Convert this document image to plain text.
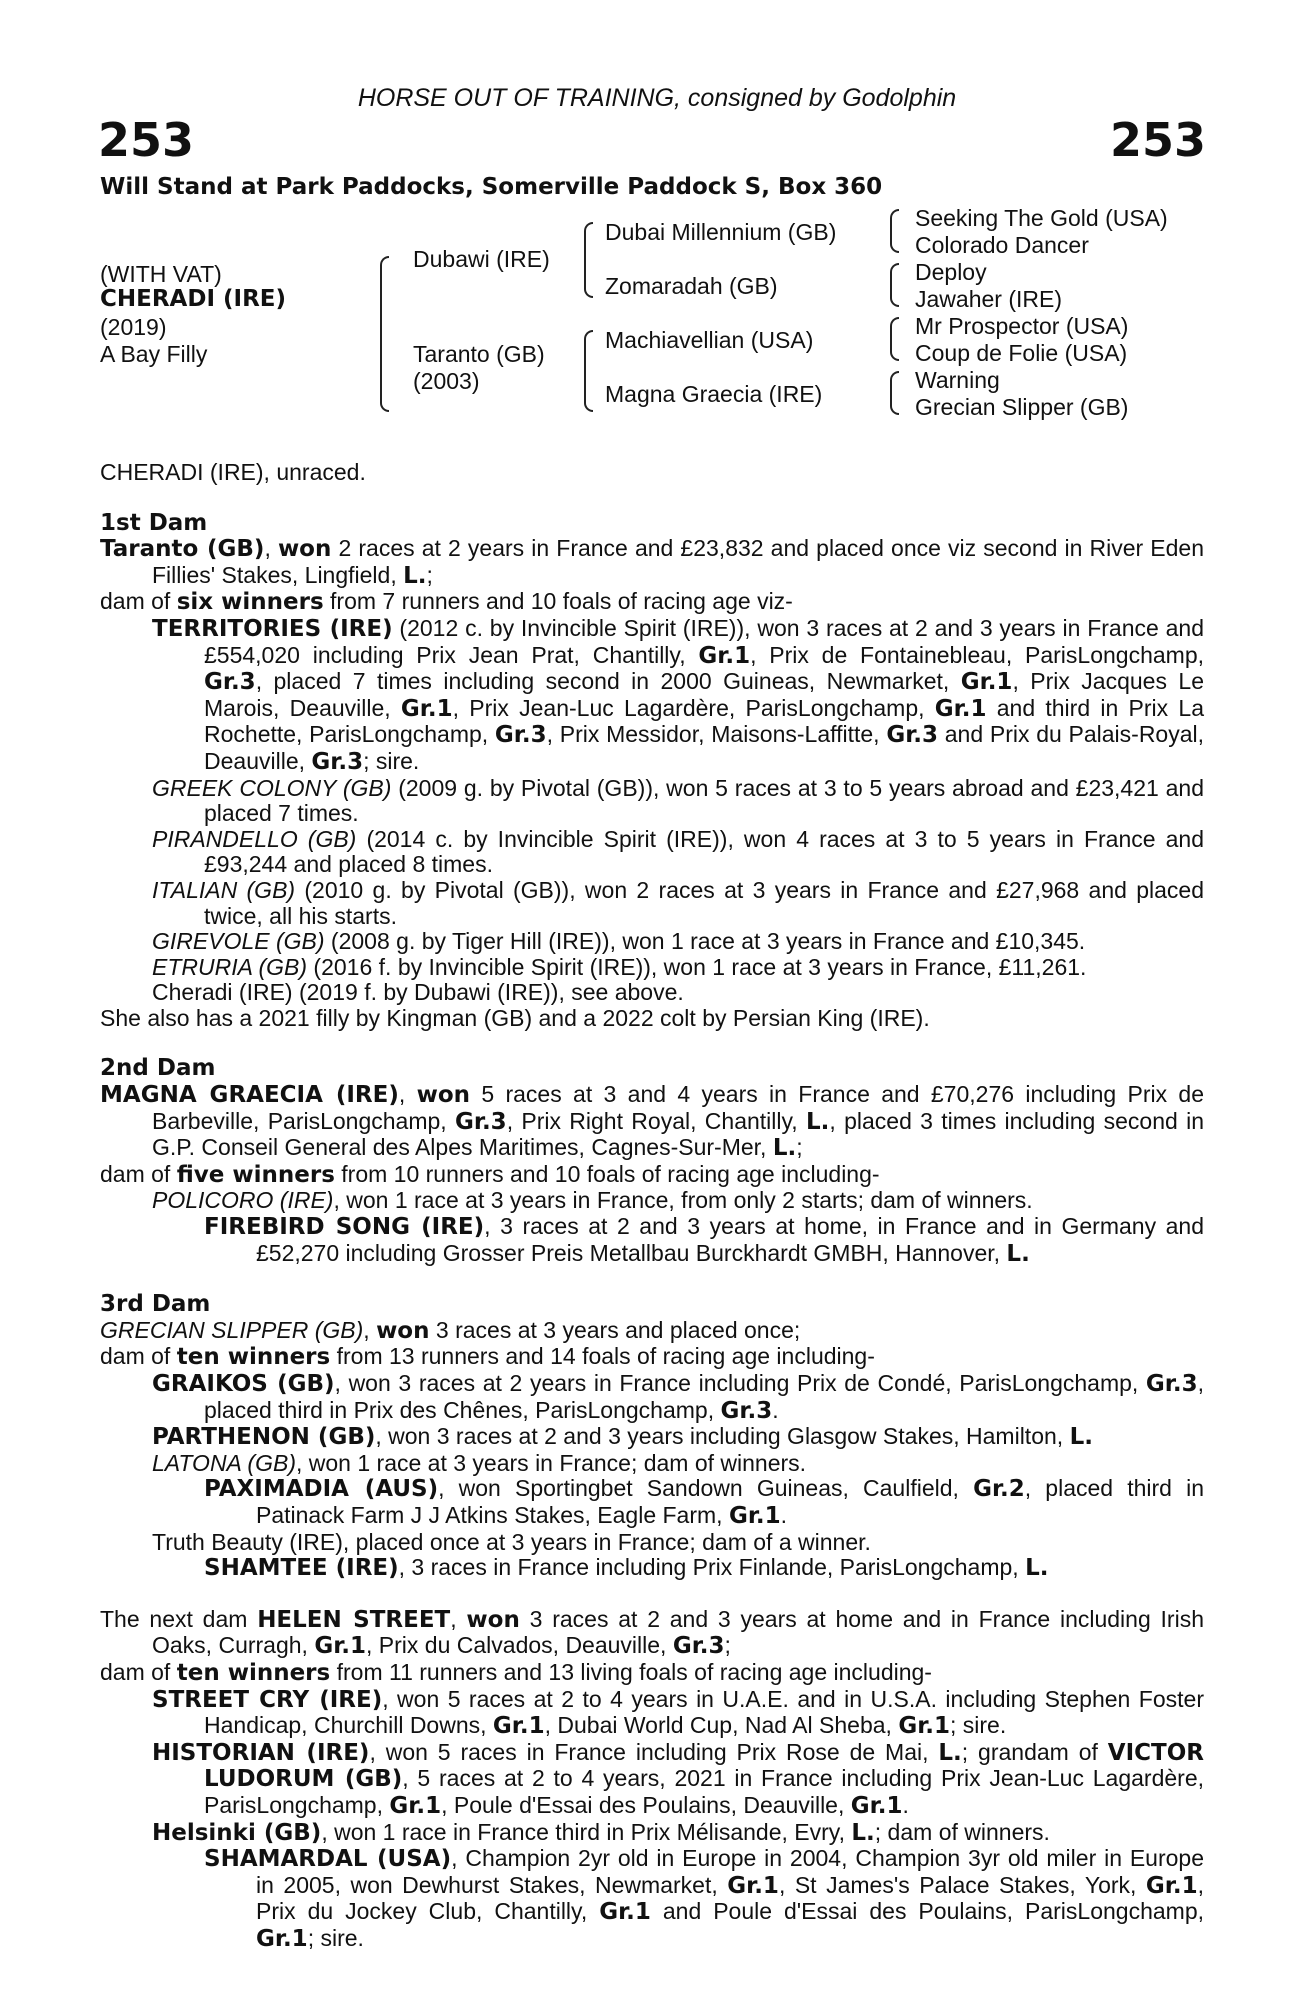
HORSE OUT OF TRAINING, consigned by Godolphin
253	253
Will Stand at Park Paddocks, Somerville Paddock S, Box 360
(WITH VAT)
CHERADI (IRE)
(2019)
A Bay Filly
Dubawi (IRE)
Taranto (GB)
(2003)
Dubai Millennium (GB)
Zomaradah (GB)
Machiavellian (USA)
Magna Graecia (IRE)
Seeking The Gold (USA)
Colorado Dancer
Deploy
Jawaher (IRE)
Mr Prospector (USA)
Coup de Folie (USA)
Warning
Grecian Slipper (GB)
CHERADI (IRE), unraced.
1st Dam
Taranto (GB), won 2 races at 2 years in France and £23,832 and placed once viz second in River Eden Fillies' Stakes, Lingfield, L.;
dam of six winners from 7 runners and 10 foals of racing age viz-
TERRITORIES (IRE) (2012 c. by Invincible Spirit (IRE)), won 3 races at 2 and 3 years in France and £554,020 including Prix Jean Prat, Chantilly, Gr.1, Prix de Fontainebleau, ParisLongchamp, Gr.3, placed 7 times including second in 2000 Guineas, Newmarket, Gr.1, Prix Jacques Le Marois, Deauville, Gr.1, Prix Jean-Luc Lagardère, ParisLongchamp, Gr.1 and third in Prix La Rochette, ParisLongchamp, Gr.3, Prix Messidor, Maisons-Laffitte, Gr.3 and Prix du Palais-Royal, Deauville, Gr.3; sire.
GREEK COLONY (GB) (2009 g. by Pivotal (GB)), won 5 races at 3 to 5 years abroad and £23,421 and placed 7 times.
PIRANDELLO (GB) (2014 c. by Invincible Spirit (IRE)), won 4 races at 3 to 5 years in France and £93,244 and placed 8 times.
ITALIAN (GB) (2010 g. by Pivotal (GB)), won 2 races at 3 years in France and £27,968 and placed twice, all his starts.
GIREVOLE (GB) (2008 g. by Tiger Hill (IRE)), won 1 race at 3 years in France and £10,345.
ETRURIA (GB) (2016 f. by Invincible Spirit (IRE)), won 1 race at 3 years in France, £11,261.
Cheradi (IRE) (2019 f. by Dubawi (IRE)), see above.
She also has a 2021 filly by Kingman (GB) and a 2022 colt by Persian King (IRE).
2nd Dam
MAGNA GRAECIA (IRE), won 5 races at 3 and 4 years in France and £70,276 including Prix de Barbeville, ParisLongchamp, Gr.3, Prix Right Royal, Chantilly, L., placed 3 times including second in G.P. Conseil General des Alpes Maritimes, Cagnes-Sur-Mer, L.;
dam of five winners from 10 runners and 10 foals of racing age including-
POLICORO (IRE), won 1 race at 3 years in France, from only 2 starts; dam of winners.
FIREBIRD SONG (IRE), 3 races at 2 and 3 years at home, in France and in Germany and £52,270 including Grosser Preis Metallbau Burckhardt GMBH, Hannover, L.
3rd Dam
GRECIAN SLIPPER (GB), won 3 races at 3 years and placed once;
dam of ten winners from 13 runners and 14 foals of racing age including-
GRAIKOS (GB), won 3 races at 2 years in France including Prix de Condé, ParisLongchamp, Gr.3, placed third in Prix des Chênes, ParisLongchamp, Gr.3.
PARTHENON (GB), won 3 races at 2 and 3 years including Glasgow Stakes, Hamilton, L.
LATONA (GB), won 1 race at 3 years in France; dam of winners.
PAXIMADIA (AUS), won Sportingbet Sandown Guineas, Caulfield, Gr.2, placed third in Patinack Farm J J Atkins Stakes, Eagle Farm, Gr.1.
Truth Beauty (IRE), placed once at 3 years in France; dam of a winner.
SHAMTEE (IRE), 3 races in France including Prix Finlande, ParisLongchamp, L.
The next dam HELEN STREET, won 3 races at 2 and 3 years at home and in France including Irish Oaks, Curragh, Gr.1, Prix du Calvados, Deauville, Gr.3;
dam of ten winners from 11 runners and 13 living foals of racing age including-
STREET CRY (IRE), won 5 races at 2 to 4 years in U.A.E. and in U.S.A. including Stephen Foster Handicap, Churchill Downs, Gr.1, Dubai World Cup, Nad Al Sheba, Gr.1; sire.
HISTORIAN (IRE), won 5 races in France including Prix Rose de Mai, L.; grandam of VICTOR LUDORUM (GB), 5 races at 2 to 4 years, 2021 in France including Prix Jean-Luc Lagardère, ParisLongchamp, Gr.1, Poule d'Essai des Poulains, Deauville, Gr.1.
Helsinki (GB), won 1 race in France third in Prix Mélisande, Evry, L.; dam of winners.
SHAMARDAL (USA), Champion 2yr old in Europe in 2004, Champion 3yr old miler in Europe in 2005, won Dewhurst Stakes, Newmarket, Gr.1, St James's Palace Stakes, York, Gr.1, Prix du Jockey Club, Chantilly, Gr.1 and Poule d'Essai des Poulains, ParisLongchamp, Gr.1; sire.
